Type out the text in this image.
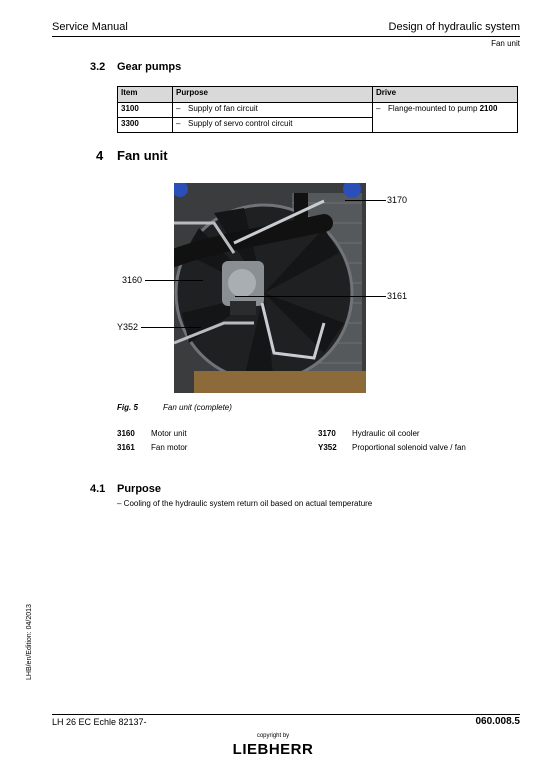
Service Manual	Design of hydraulic system
Fan unit
3.2 Gear pumps
Item	Purpose	Drive
3100	– Supply of fan circuit	– Flange-mounted to pump 2100
3300	– Supply of servo control circuit	
4 Fan unit
3170
3160
3161
Y352
Fig. 5	Fan unit (complete)
3160 Motor unit
3161 Fan motor
3170 Hydraulic oil cooler
Y352 Proportional solenoid valve / fan
4.1 Purpose
– Cooling of the hydraulic system return oil based on actual temperature
LHB/en/Edition: 04/2013
LH 26 EC Echle 82137-	060.008.5
copyright by
LIEBHERR
